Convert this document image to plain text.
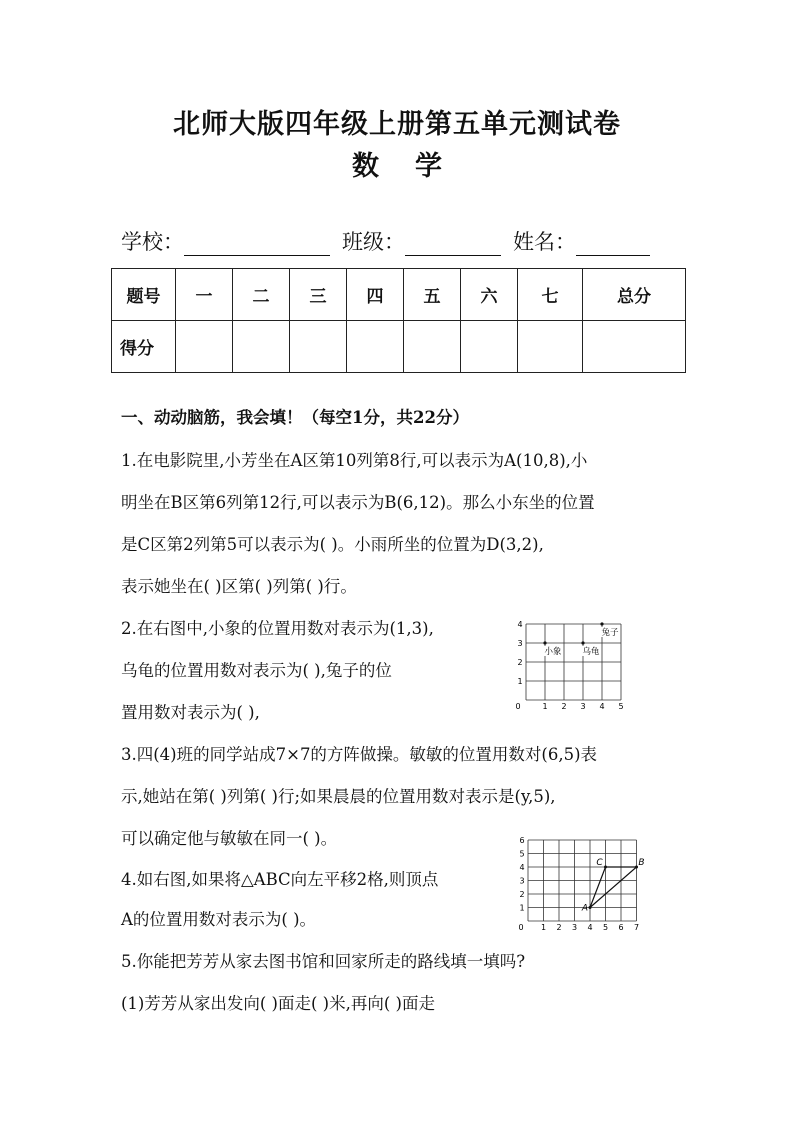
北师大版四年级上册第五单元测试卷
数学
学校：	班级：	姓名：
题号	一	二	三	四	五	六	七	总分
得分								
一、动动脑筋，我会填！（每空1分，共22分）
1.在电影院里,小芳坐在A区第10列第8行,可以表示为A(10,8),小
明坐在B区第6列第12行,可以表示为B(6,12)。那么小东坐的位置
是C区第2列第5可以表示为( )。小雨所坐的位置为D(3,2),
表示她坐在( )区第( )列第( )行。
2.在右图中,小象的位置用数对表示为(1,3),
乌龟的位置用数对表示为( ),兔子的位
置用数对表示为( ),
3.四(4)班的同学站成7×7的方阵做操。敏敏的位置用数对(6,5)表
示,她站在第( )列第( )行;如果晨晨的位置用数对表示是(y,5),
可以确定他与敏敏在同一( )。
4.如右图,如果将△ABC向左平移2格,则顶点
A的位置用数对表示为( )。
5.你能把芳芳从家去图书馆和回家所走的路线填一填吗?
(1)芳芳从家出发向( )面走( )米,再向( )面走
0	1 2 3 4 5
1
2
3
4
小象 乌龟
兔子
0 1 2 3 4 5 6 7
1
2
3
4
5
6
A
B
C
